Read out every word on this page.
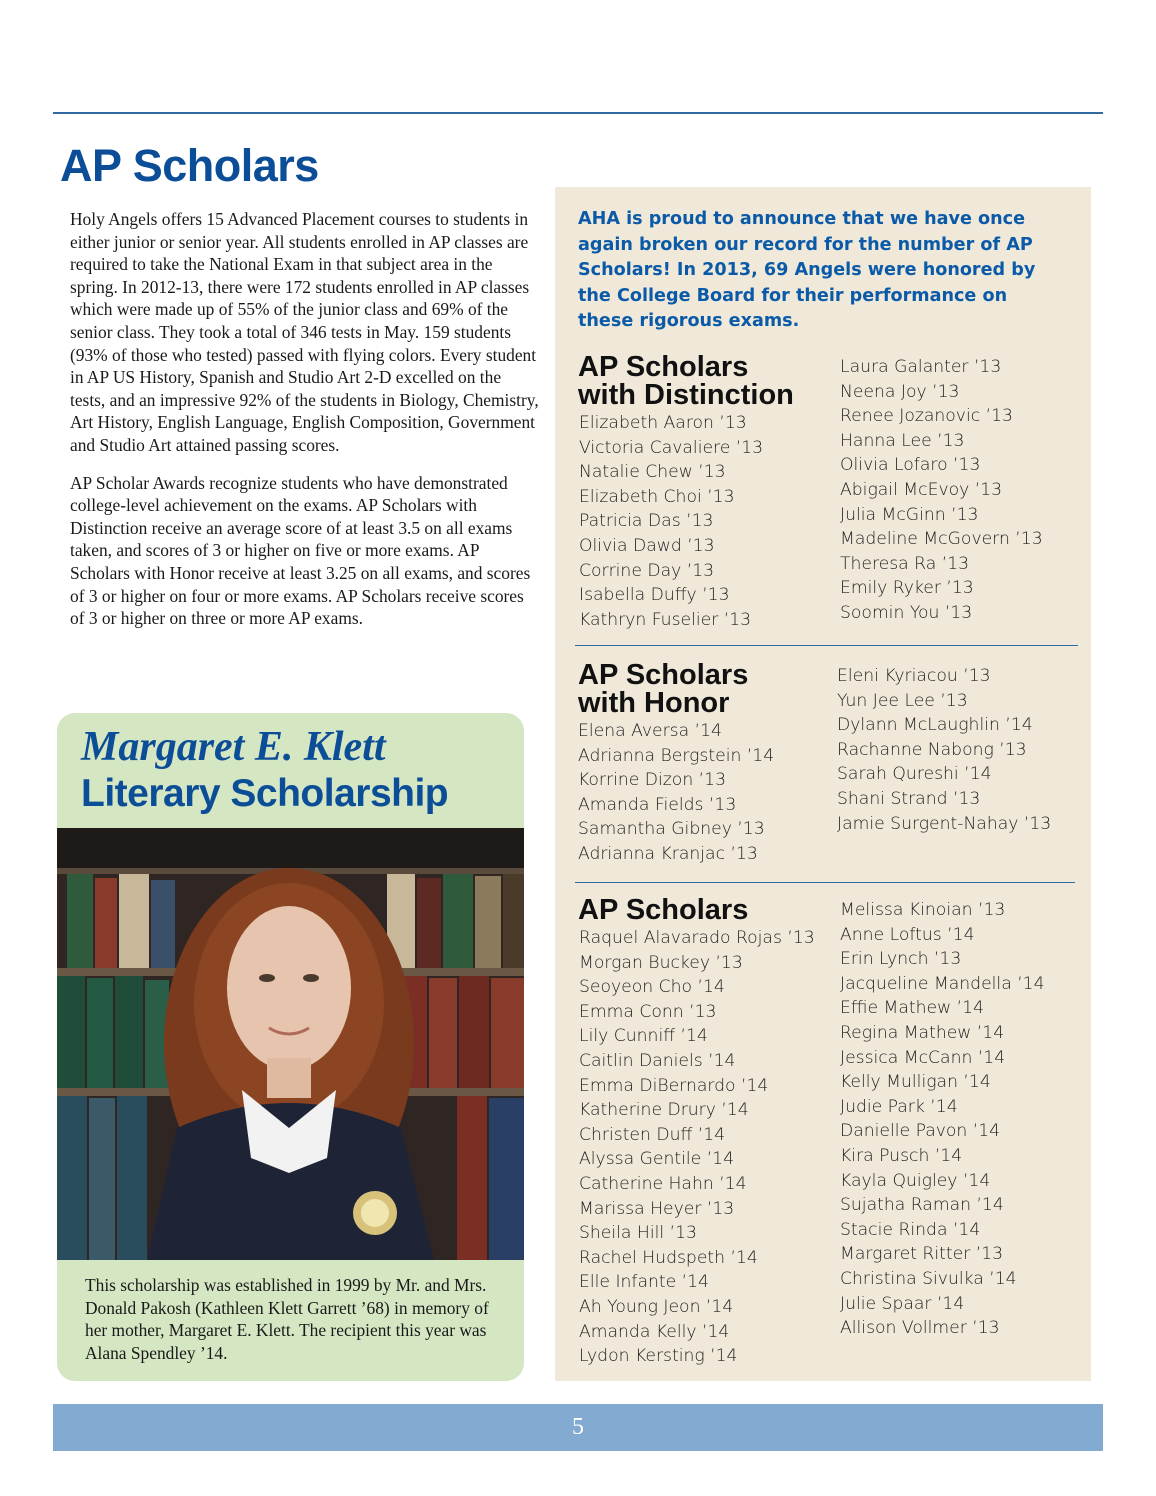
AP Scholars

Holy Angels offers 15 Advanced Placement courses to students in either junior or senior year. All students enrolled in AP classes are required to take the National Exam in that subject area in the spring. In 2012-13, there were 172 students enrolled in AP classes which were made up of 55% of the junior class and 69% of the senior class. They took a total of 346 tests in May. 159 students (93% of those who tested) passed with flying colors. Every student in AP US History, Spanish and Studio Art 2-D excelled on the tests, and an impressive 92% of the students in Biology, Chemistry, Art History, English Language, English Composition, Government and Studio Art attained passing scores.

AP Scholar Awards recognize students who have demonstrated college-level achievement on the exams. AP Scholars with Distinction receive an average score of at least 3.5 on all exams taken, and scores of 3 or higher on five or more exams. AP Scholars with Honor receive at least 3.25 on all exams, and scores of 3 or higher on four or more exams. AP Scholars receive scores of 3 or higher on three or more AP exams.

Margaret E. Klett
Literary Scholarship

This scholarship was established in 1999 by Mr. and Mrs. Donald Pakosh (Kathleen Klett Garrett ’68) in memory of her mother, Margaret E. Klett. The recipient this year was Alana Spendley ’14.

AHA is proud to announce that we have once again broken our record for the number of AP Scholars! In 2013, 69 Angels were honored by the College Board for their performance on these rigorous exams.

AP Scholars
with Distinction
Elizabeth Aaron ’13
Victoria Cavaliere ’13
Natalie Chew ’13
Elizabeth Choi ’13
Patricia Das ’13
Olivia Dawd ’13
Corrine Day ’13
Isabella Duffy ’13
Kathryn Fuselier ’13
Laura Galanter ’13
Neena Joy ’13
Renee Jozanovic ’13
Hanna Lee ’13
Olivia Lofaro ’13
Abigail McEvoy ’13
Julia McGinn ’13
Madeline McGovern ’13
Theresa Ra ’13
Emily Ryker ’13
Soomin You ’13
AP Scholars
with Honor
Elena Aversa ’14
Adrianna Bergstein ’14
Korrine Dizon ’13
Amanda Fields ’13
Samantha Gibney ’13
Adrianna Kranjac ’13
Eleni Kyriacou ’13
Yun Jee Lee ’13
Dylann McLaughlin ’14
Rachanne Nabong ’13
Sarah Qureshi ’14
Shani Strand ’13
Jamie Surgent-Nahay ’13
AP Scholars
Raquel Alavarado Rojas ’13
Morgan Buckey ’13
Seoyeon Cho ’14
Emma Conn ’13
Lily Cunniff ’14
Caitlin Daniels ’14
Emma DiBernardo ’14
Katherine Drury ’14
Christen Duff ’14
Alyssa Gentile ’14
Catherine Hahn ’14
Marissa Heyer ’13
Sheila Hill ’13
Rachel Hudspeth ’14
Elle Infante ’14
Ah Young Jeon ’14
Amanda Kelly ’14
Lydon Kersting ’14
Melissa Kinoian ’13
Anne Loftus ’14
Erin Lynch ’13
Jacqueline Mandella ’14
Effie Mathew ’14
Regina Mathew ’14
Jessica McCann ’14
Kelly Mulligan ’14
Judie Park ’14
Danielle Pavon ’14
Kira Pusch ’14
Kayla Quigley ’14
Sujatha Raman ’14
Stacie Rinda ’14
Margaret Ritter ’13
Christina Sivulka ’14
Julie Spaar ’14
Allison Vollmer ’13
5
